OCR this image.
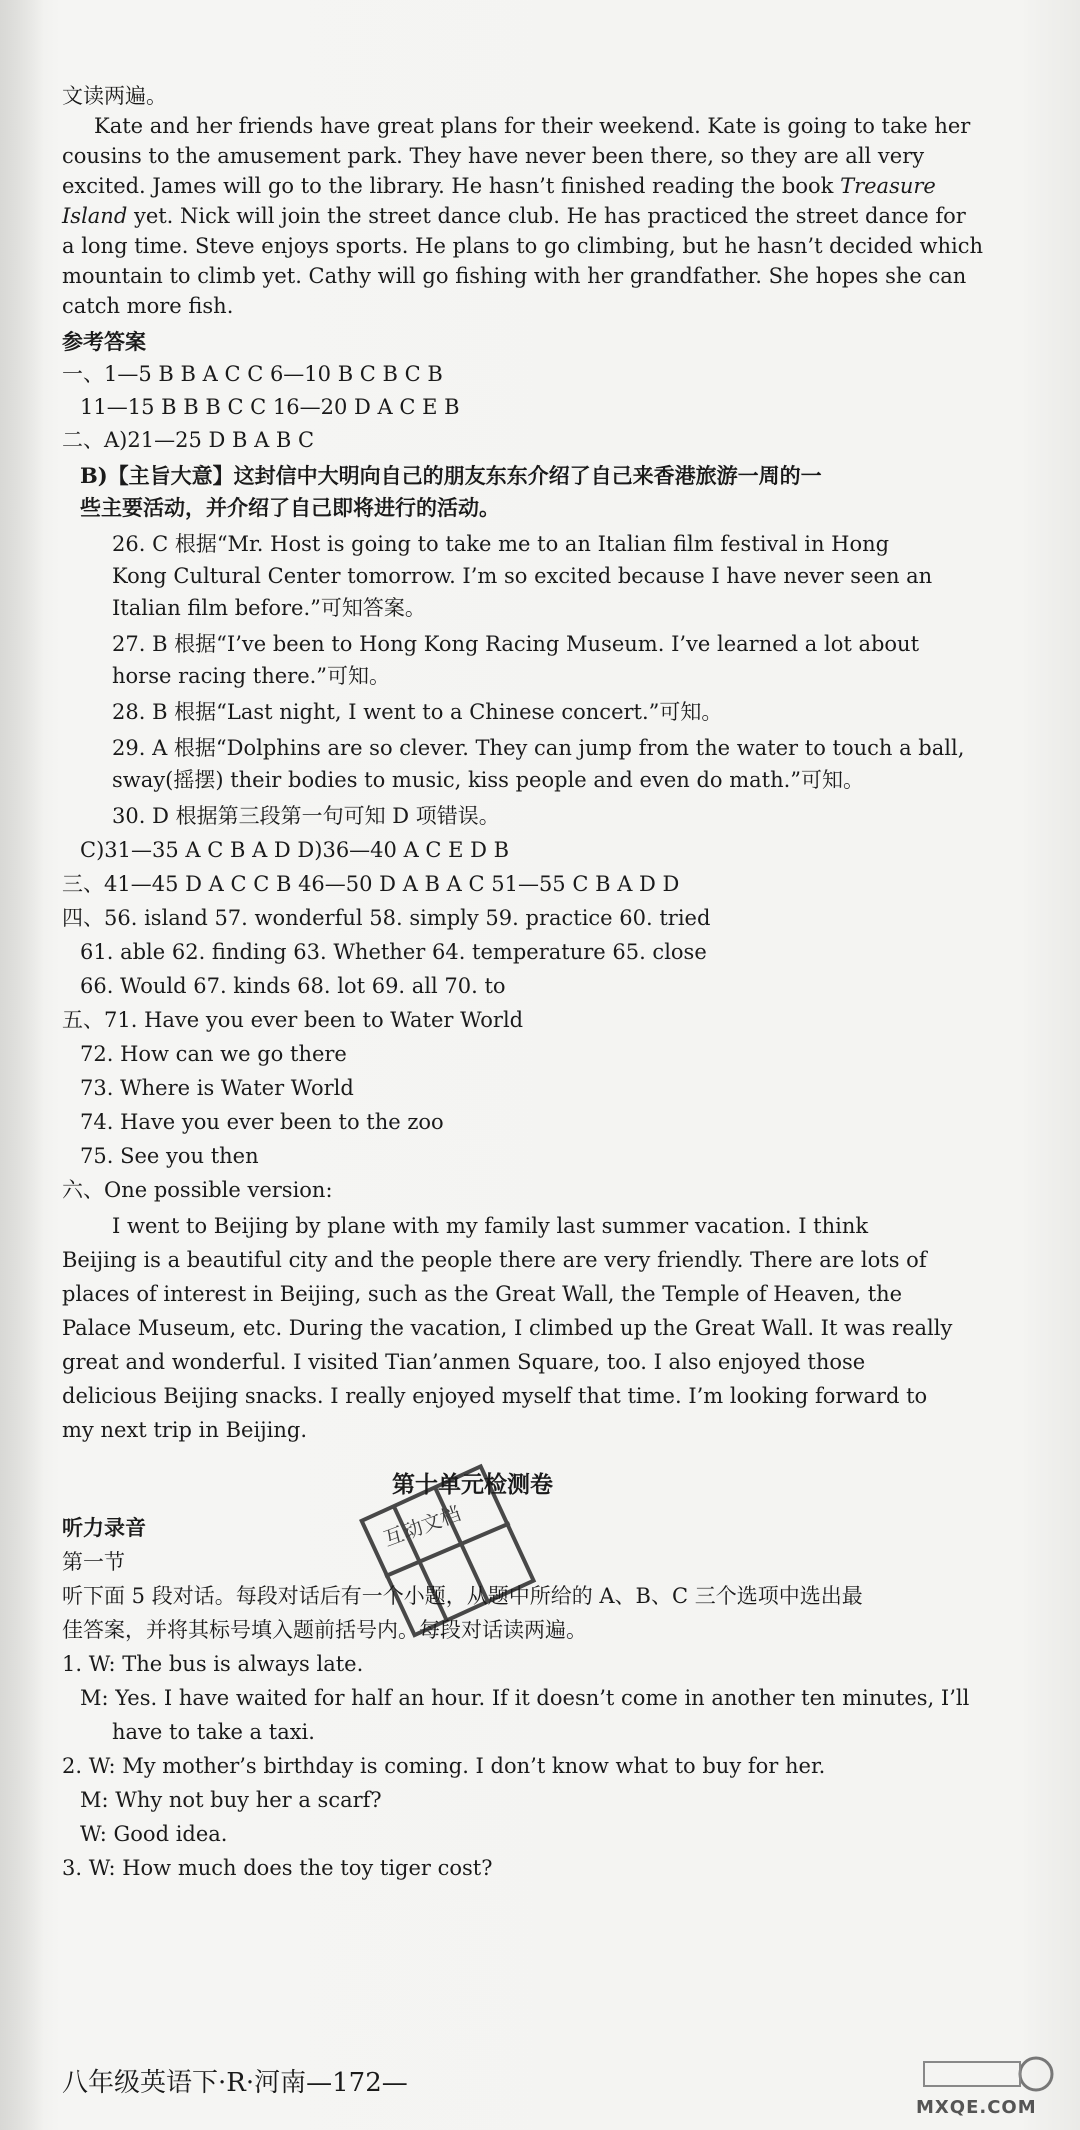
文读两遍。
Kate and her friends have great plans for their weekend. Kate is going to take her
cousins to the amusement park. They have never been there, so they are all very
excited. James will go to the library. He hasn’t finished reading the book Treasure
Island yet. Nick will join the street dance club. He has practiced the street dance for
a long time. Steve enjoys sports. He plans to go climbing, but he hasn’t decided which
mountain to climb yet. Cathy will go fishing with her grandfather. She hopes she can
catch more fish.
参考答案
一、1—5 B B A C C 6—10 B C B C B
11—15 B B B C C 16—20 D A C E B
二、A)21—25 D B A B C
B)【主旨大意】这封信中大明向自己的朋友东东介绍了自己来香港旅游一周的一
些主要活动，并介绍了自己即将进行的活动。
26. C 根据“Mr. Host is going to take me to an Italian film festival in Hong
Kong Cultural Center tomorrow. I’m so excited because I have never seen an
Italian film before.”可知答案。
27. B 根据“I’ve been to Hong Kong Racing Museum. I’ve learned a lot about
horse racing there.”可知。
28. B 根据“Last night, I went to a Chinese concert.”可知。
29. A 根据“Dolphins are so clever. They can jump from the water to touch a ball,
sway(摇摆) their bodies to music, kiss people and even do math.”可知。
30. D 根据第三段第一句可知 D 项错误。
C)31—35 A C B A D D)36—40 A C E D B
三、41—45 D A C C B 46—50 D A B A C 51—55 C B A D D
四、56. island 57. wonderful 58. simply 59. practice 60. tried
61. able 62. finding 63. Whether 64. temperature 65. close
66. Would 67. kinds 68. lot 69. all 70. to
五、71. Have you ever been to Water World
72. How can we go there
73. Where is Water World
74. Have you ever been to the zoo
75. See you then
六、One possible version:
I went to Beijing by plane with my family last summer vacation. I think
Beijing is a beautiful city and the people there are very friendly. There are lots of
places of interest in Beijing, such as the Great Wall, the Temple of Heaven, the
Palace Museum, etc. During the vacation, I climbed up the Great Wall. It was really
great and wonderful. I visited Tian’anmen Square, too. I also enjoyed those
delicious Beijing snacks. I really enjoyed myself that time. I’m looking forward to
my next trip in Beijing.
第十单元检测卷
互动文档
听力录音
第一节
听下面 5 段对话。每段对话后有一个小题，从题中所给的 A、B、C 三个选项中选出最
佳答案，并将其标号填入题前括号内。每段对话读两遍。
1. W: The bus is always late.
M: Yes. I have waited for half an hour. If it doesn’t come in another ten minutes, I’ll
have to take a taxi.
2. W: My mother’s birthday is coming. I don’t know what to buy for her.
M: Why not buy her a scarf?
W: Good idea.
3. W: How much does the toy tiger cost?
八年级英语下·R·河南—172—
MXQE.COM
